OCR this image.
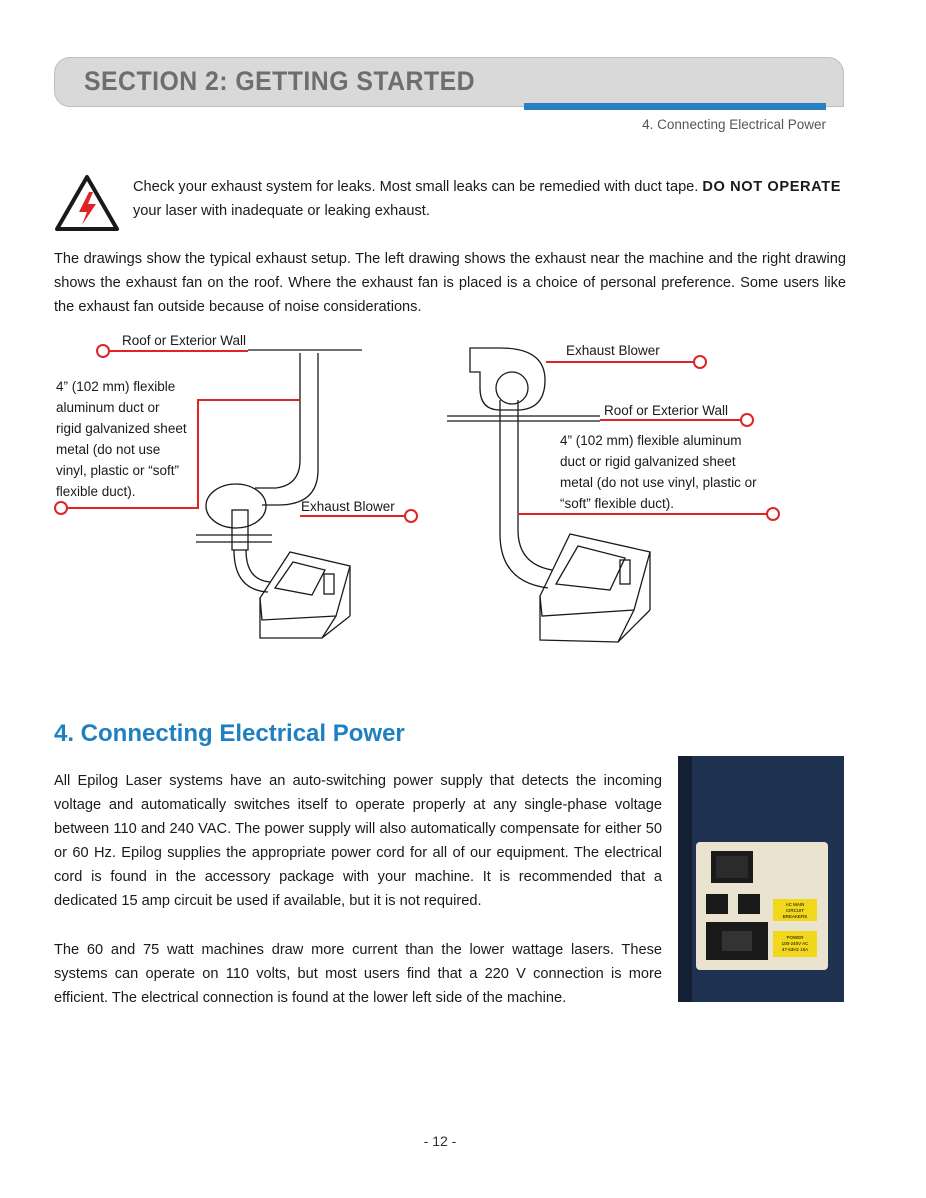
SECTION 2: GETTING STARTED
4. Connecting Electrical Power
Check your exhaust system for leaks. Most small leaks can be remedied with duct tape. DO NOT OPERATE your laser with inadequate or leaking exhaust.
The drawings show the typical exhaust setup. The left drawing shows the exhaust near the machine and the right drawing shows the exhaust fan on the roof. Where the exhaust fan is placed is a choice of personal preference. Some users like the exhaust fan outside because of noise considerations.
Roof or Exterior Wall
4” (102 mm) flexible
aluminum duct or
rigid galvanized sheet
metal (do not use
vinyl, plastic or “soft”
flexible duct).
Exhaust Blower
Exhaust Blower
Roof or Exterior Wall
4” (102 mm) flexible aluminum
duct or rigid galvanized sheet
metal (do not use vinyl, plastic or
“soft” flexible duct).
4. Connecting Electrical Power
All Epilog Laser systems have an auto-switching power supply that detects the incoming voltage and automatically switches itself to operate properly at any single-phase voltage between 110 and 240 VAC. The power supply will also automatically compensate for either 50 or 60 Hz. Epilog supplies the appropriate power cord for all of our equipment. The electrical cord is found in the accessory package with your machine. It is recommended that a dedicated 15 amp circuit be used if available, but it is not required.
The 60 and 75 watt machines draw more current than the lower wattage lasers. These systems can operate on 110 volts, but most users find that a 220 V connection is more efficient. The electrical connection is found at the lower left side of the machine.
AC MAIN
CIRCUIT
BREAKERS
POWER
100-240V AC
47-63Hz 15A
- 12 -
